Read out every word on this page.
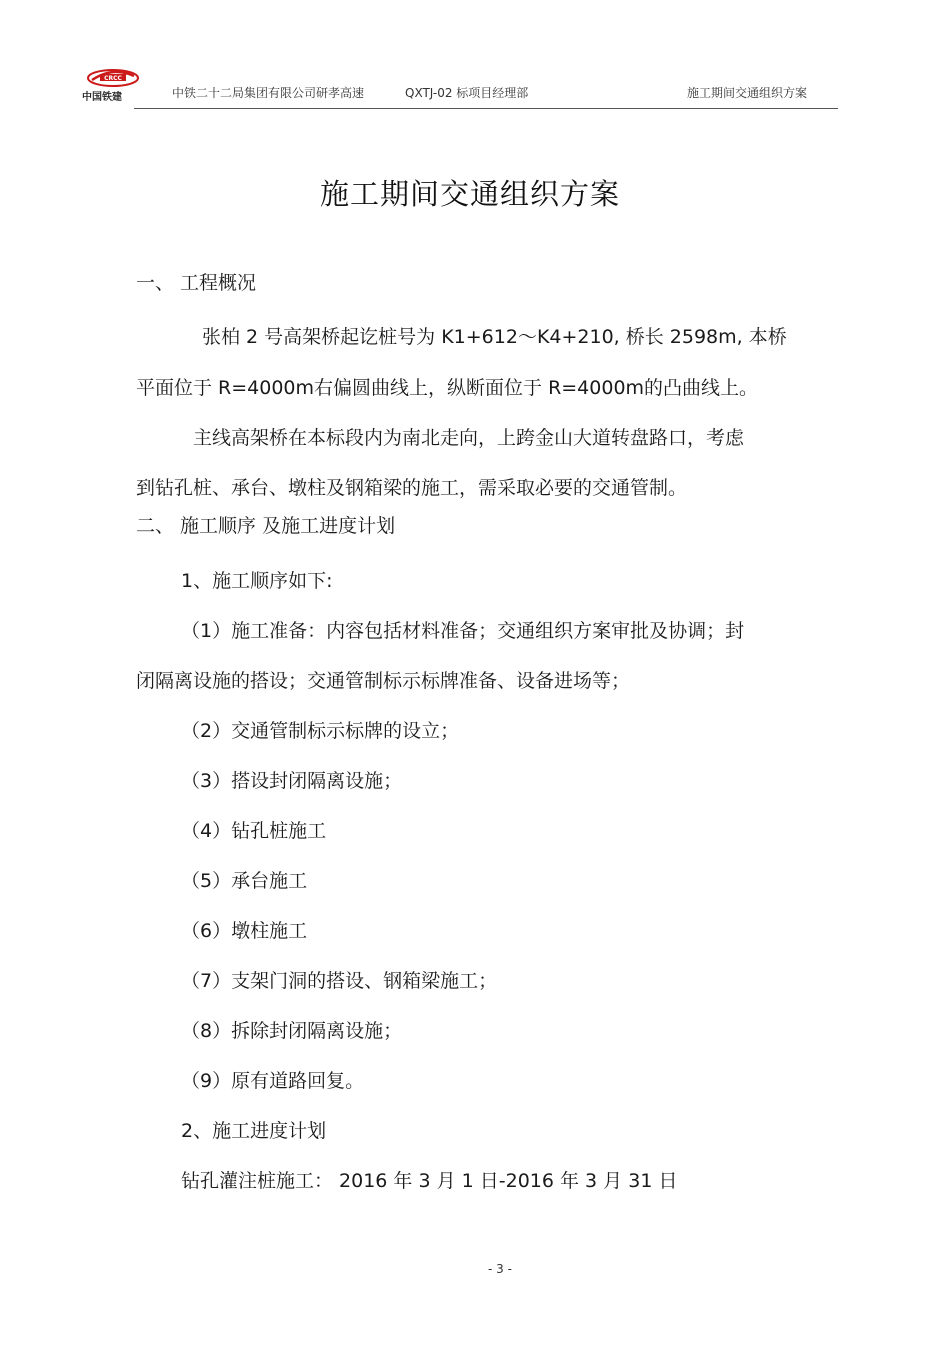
CRCC
中国铁建	中铁二十二局集团有限公司研孝高速	QXTJ-02 标项目经理部	施工期间交通组织方案
施工期间交通组织方案
一、 工程概况
张柏 2 号高架桥起讫桩号为 K1+612～K4+210, 桥长 2598m, 本桥
平面位于 R=4000m右偏圆曲线上，纵断面位于 R=4000m的凸曲线上。
主线高架桥在本标段内为南北走向，上跨金山大道转盘路口，考虑
到钻孔桩、承台、墩柱及钢箱梁的施工，需采取必要的交通管制。
二、 施工顺序 及施工进度计划
1、施工顺序如下:
（1）施工准备：内容包括材料准备；交通组织方案审批及协调；封
闭隔离设施的搭设；交通管制标示标牌准备、设备进场等；
（2）交通管制标示标牌的设立；
（3）搭设封闭隔离设施；
（4）钻孔桩施工
（5）承台施工
（6）墩柱施工
（7）支架门洞的搭设、钢箱梁施工；
（8）拆除封闭隔离设施；
（9）原有道路回复。
2、施工进度计划
钻孔灌注桩施工： 2016 年 3 月 1 日-2016 年 3 月 31 日
- 3 -
